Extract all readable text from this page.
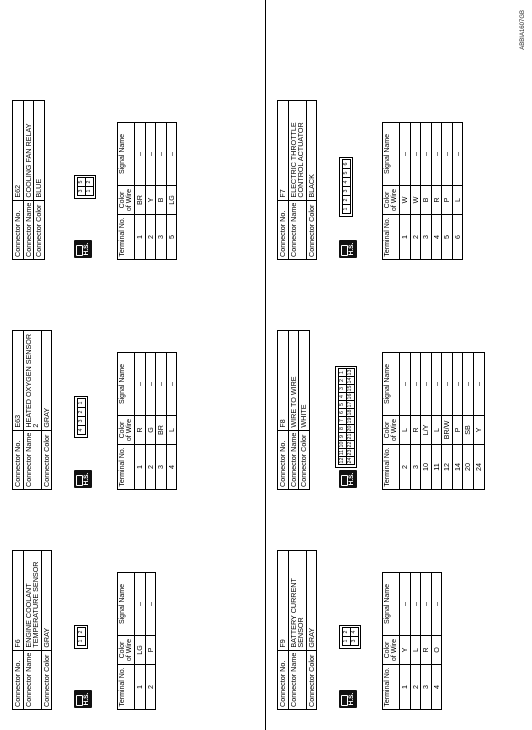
ABBIA1607GB
Connector No.	E62
Connector Name	COOLING FAN RELAY
Connector Color	BLUE
H.S.
3
5
1
2
Terminal No.	Color of Wire	Signal Name
1	BR	–
2	Y	–
3	B	–
5	LG	–
Connector No.	E63
Connector Name	HEATED OXYGEN SENSOR 2
Connector Color	GRAY
H.S.
4
3
2
1
Terminal No.	Color of Wire	Signal Name
1	R	–
2	G	–
3	BR	–
4	L	–
Connector No.	F6
Connector Name	ENGINE COOLANT TEMPERATURE SENSOR
Connector Color	GRAY
H.S.
1
2
Terminal No.	Color of Wire	Signal Name
1	LG	–
2	P	–
Connector No.	F7
Connector Name	ELECTRIC THROTTLE CONTROL ACTUATOR
Connector Color	BLACK
H.S.
1
2
3
4
5
6
Terminal No.	Color of Wire	Signal Name
1	W	–
2	W	–
3	B	–
4	R	–
5	P	–
6	L	–
Connector No.	F8
Connector Name	WIRE TO WIRE
Connector Color	WHITE
H.S.
12
11
10
9
8
7
6
5
4
3
2
1
24
23
22
21
20
19
18
17
16
15
14
13
Terminal No.	Color of Wire	Signal Name
2	L	–
3	R	–
10	L/Y	–
11	L	–
12	BR/W	–
14	P	–
20	SB	–
24	Y	–
Connector No.	F9
Connector Name	BATTERY CURRENT SENSOR
Connector Color	GRAY
H.S.
1
2
3
4
Terminal No.	Color of Wire	Signal Name
1	Y	–
2	L	–
3	R	–
4	O	–
